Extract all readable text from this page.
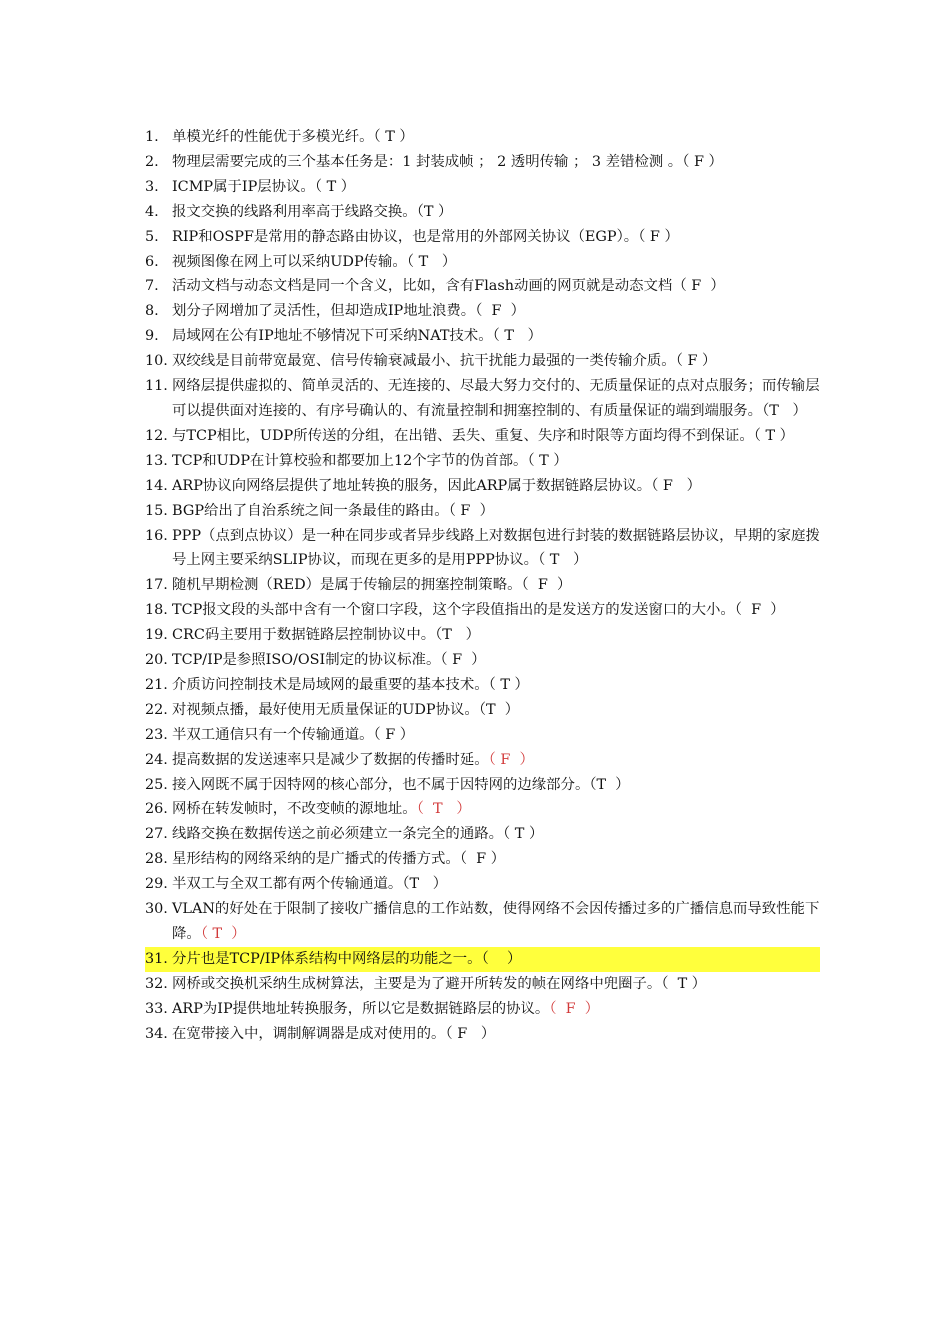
1. 单模光纤的性能优于多模光纤。（ T ）
2. 物理层需要完成的三个基本任务是：1 封装成帧 ； 2 透明传输 ； 3 差错检测 。（ F ）
3. ICMP属于IP层协议。（ T ）
4. 报文交换的线路利用率高于线路交换。（T ）
5. RIP和OSPF是常用的静态路由协议，也是常用的外部网关协议（EGP）。（ F ）
6. 视频图像在网上可以采纳UDP传输。（ T   ）
7. 活动文档与动态文档是同一个含义，比如，含有Flash动画的网页就是动态文档（ F  ）
8. 划分子网增加了灵活性，但却造成IP地址浪费。（  F  ）
9. 局域网在公有IP地址不够情况下可采纳NAT技术。（ T   ）
10. 双绞线是目前带宽最宽、信号传输衰减最小、抗干扰能力最强的一类传输介质。（ F ）
11. 网络层提供虚拟的、简单灵活的、无连接的、尽最大努力交付的、无质量保证的点对点服务；而传输层可以提供面对连接的、有序号确认的、有流量控制和拥塞控制的、有质量保证的端到端服务。（T   ）
12. 与TCP相比，UDP所传送的分组，在出错、丢失、重复、失序和时限等方面均得不到保证。（ T ）
13. TCP和UDP在计算校验和都要加上12个字节的伪首部。（ T ）
14. ARP协议向网络层提供了地址转换的服务，因此ARP属于数据链路层协议。（ F   ）
15. BGP给出了自治系统之间一条最佳的路由。（ F  ）
16. PPP（点到点协议）是一种在同步或者异步线路上对数据包进行封装的数据链路层协议，早期的家庭拨号上网主要采纳SLIP协议，而现在更多的是用PPP协议。（ T   ）
17. 随机早期检测（RED）是属于传输层的拥塞控制策略。（  F  ）
18. TCP报文段的头部中含有一个窗口字段，这个字段值指出的是发送方的发送窗口的大小。（  F  ）
19. CRC码主要用于数据链路层控制协议中。（T   ）
20. TCP/IP是参照ISO/OSI制定的协议标准。（ F  ）
21. 介质访问控制技术是局域网的最重要的基本技术。（ T ）
22. 对视频点播，最好使用无质量保证的UDP协议。（T  ）
23. 半双工通信只有一个传输通道。（ F ）
24. 提高数据的发送速率只是减少了数据的传播时延。（ F  ）
25. 接入网既不属于因特网的核心部分，也不属于因特网的边缘部分。（T  ）
26. 网桥在转发帧时，不改变帧的源地址。（  T   ）
27. 线路交换在数据传送之前必须建立一条完全的通路。（ T ）
28. 星形结构的网络采纳的是广播式的传播方式。（  F ）
29. 半双工与全双工都有两个传输通道。（T   ）
30. VLAN的好处在于限制了接收广播信息的工作站数，使得网络不会因传播过多的广播信息而导致性能下降。（ T  ）
31. 分片也是TCP/IP体系结构中网络层的功能之一。（    ）
32. 网桥或交换机采纳生成树算法，主要是为了避开所转发的帧在网络中兜圈子。（  T ）
33. ARP为IP提供地址转换服务，所以它是数据链路层的协议。（  F  ）
34. 在宽带接入中，调制解调器是成对使用的。（ F   ）
